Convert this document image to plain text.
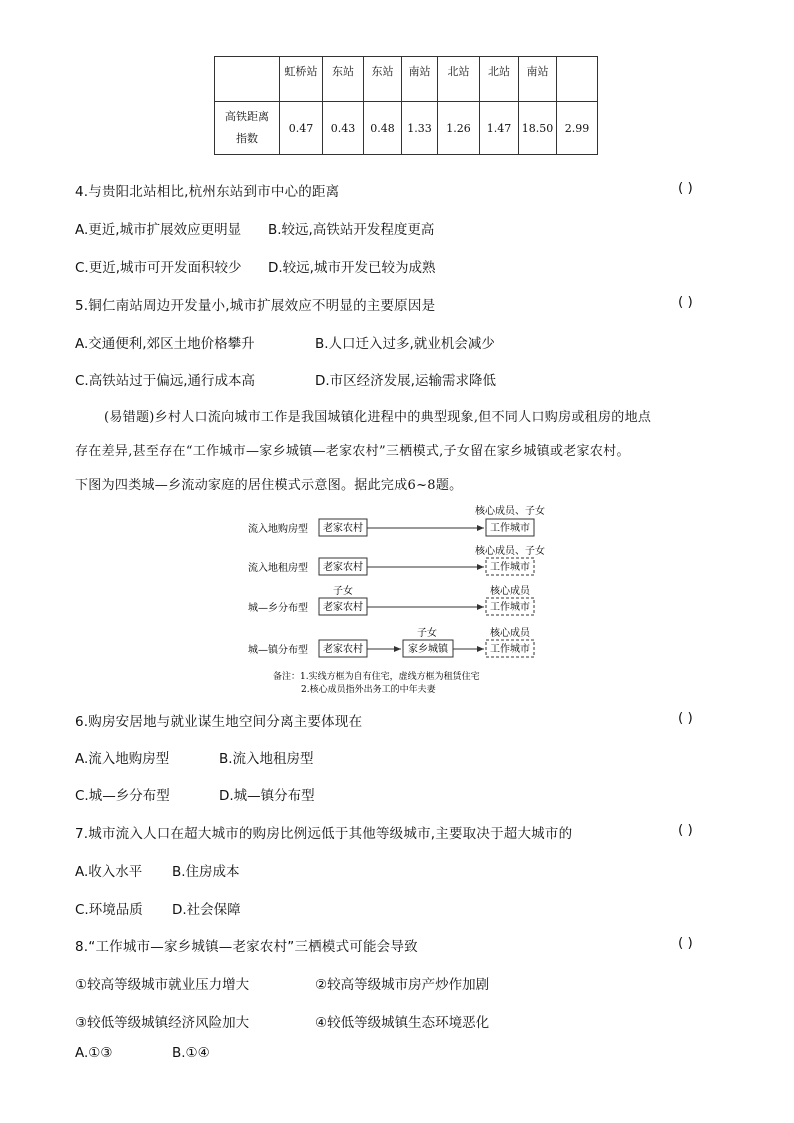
	虹桥站	东站	东站	南站	北站	北站	南站	

高铁距离
指数	0.47	0.43	0.48	1.33	1.26	1.47	18.50	2.99
4.与贵阳北站相比,杭州东站到市中心的距离	( )
A.更近,城市扩展效应更明显 B.较远,高铁站开发程度更高
C.更近,城市可开发面积较少 D.较远,城市开发已较为成熟
5.铜仁南站周边开发量小,城市扩展效应不明显的主要原因是	( )
A.交通便利,郊区土地价格攀升	B.人口迁入过多,就业机会减少
C.高铁站过于偏远,通行成本高	D.市区经济发展,运输需求降低
(易错题)乡村人口流向城市工作是我国城镇化进程中的典型现象,但不同人口购房或租房的地点
存在差异,甚至存在“工作城市—家乡城镇—老家农村”三栖模式,子女留在家乡城镇或老家农村。
下图为四类城—乡流动家庭的居住模式示意图。据此完成6~8题。
流入地购房型 老家农村
核心成员、子女
工作城市
流入地租房型 老家农村
核心成员、子女
工作城市
城—乡分布型
子女
老家农村
核心成员
工作城市
城—镇分布型 老家农村
子女
家乡城镇
核心成员
工作城市
备注：1.实线方框为自有住宅，虚线方框为租赁住宅
2.核心成员指外出务工的中年夫妻
6.购房安居地与就业谋生地空间分离主要体现在	( )
A.流入地购房型	B.流入地租房型
C.城—乡分布型	D.城—镇分布型
7.城市流入人口在超大城市的购房比例远低于其他等级城市,主要取决于超大城市的	( )
A.收入水平 B.住房成本
C.环境品质 D.社会保障
8.“工作城市—家乡城镇—老家农村”三栖模式可能会导致	( )
①较高等级城市就业压力增大	②较高等级城市房产炒作加剧
③较低等级城镇经济风险加大	④较低等级城镇生态环境恶化
A.①③	B.①④
